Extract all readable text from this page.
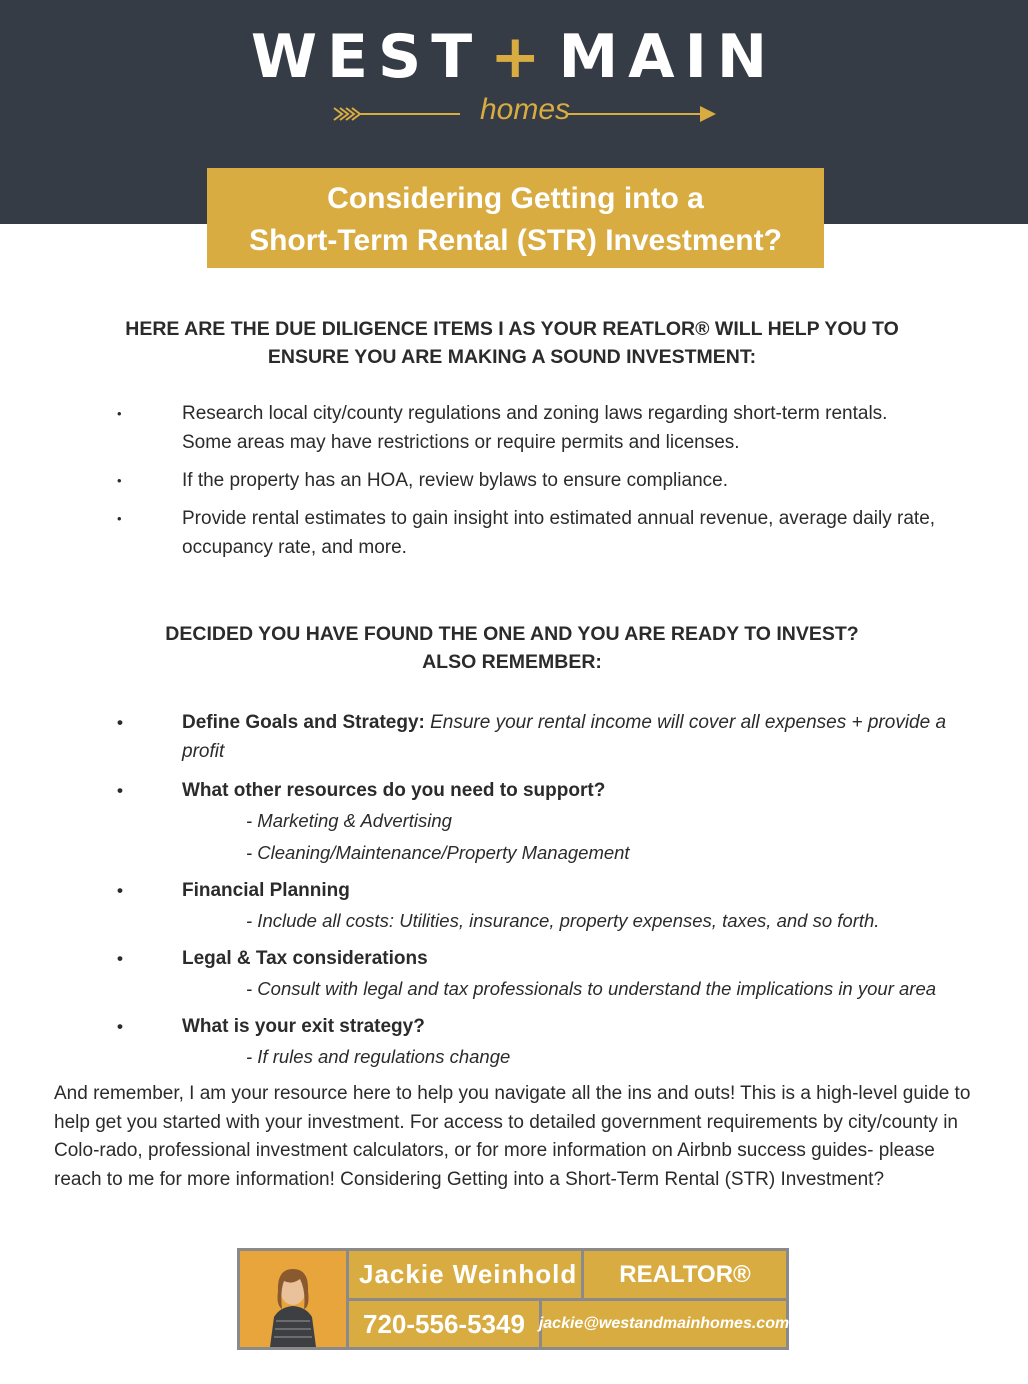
WEST + MAIN
homes
Considering Getting into a
Short-Term Rental (STR) Investment?
HERE ARE THE DUE DILIGENCE ITEMS I AS YOUR REATLOR® WILL HELP YOU TO
ENSURE YOU ARE MAKING A SOUND INVESTMENT:
•	Research local city/county regulations and zoning laws regarding short-term rentals.
Some areas may have restrictions or require permits and licenses.
•	If the property has an HOA, review bylaws to ensure compliance.
•	Provide rental estimates to gain insight into estimated annual revenue, average daily rate,
occupancy rate, and more.
DECIDED YOU HAVE FOUND THE ONE AND YOU ARE READY TO INVEST?
ALSO REMEMBER:
•	Define Goals and Strategy: Ensure your rental income will cover all expenses + provide a profit
•	What other resources do you need to support?
- Marketing & Advertising
- Cleaning/Maintenance/Property Management
•	Financial Planning
- Include all costs: Utilities, insurance, property expenses, taxes, and so forth.
•	Legal & Tax considerations
- Consult with legal and tax professionals to understand the implications in your area
•	What is your exit strategy?
- If rules and regulations change
And remember, I am your resource here to help you navigate all the ins and outs! This is a high-level guide to help get you started with your investment. For access to detailed government requirements by city/county in Colo-rado, professional investment calculators, or for more information on Airbnb success guides- please reach to me for more information! Considering Getting into a Short-Term Rental (STR) Investment?
Jackie Weinhold	REALTOR®
720-556-5349 jackie@westandmainhomes.com
